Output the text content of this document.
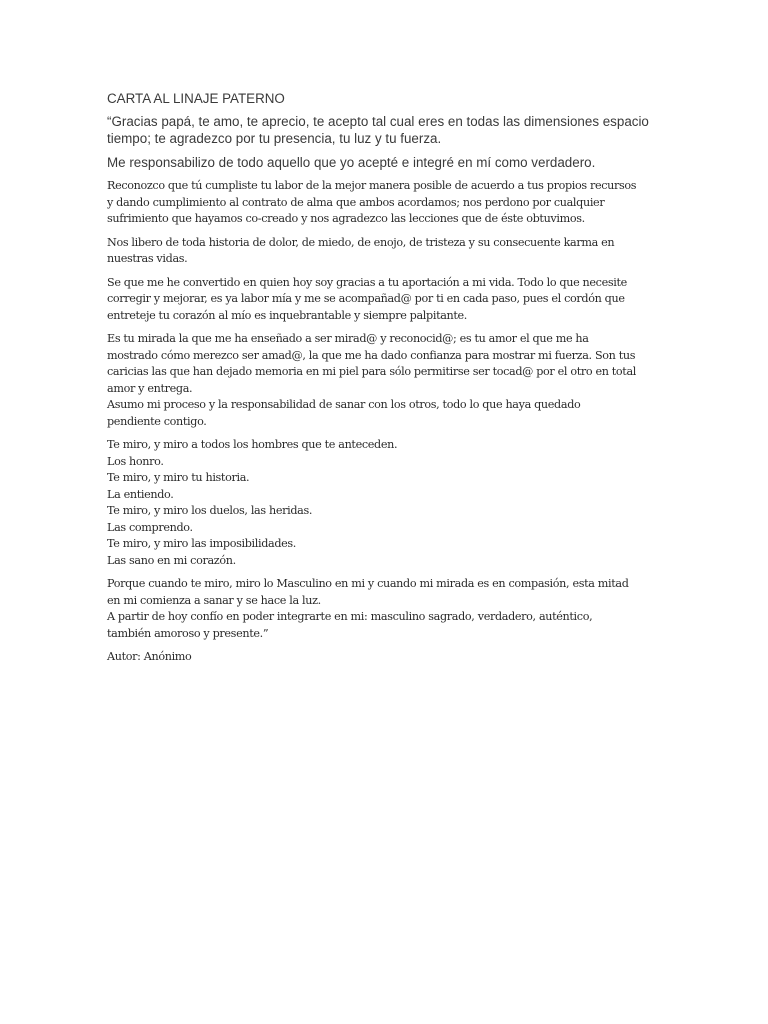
CARTA AL LINAJE PATERNO
“Gracias papá, te amo, te aprecio, te acepto tal cual eres en todas las dimensiones espacio
tiempo; te agradezco por tu presencia, tu luz y tu fuerza.
Me responsabilizo de todo aquello que yo acepté e integré en mí como verdadero.
Reconozco que tú cumpliste tu labor de la mejor manera posible de acuerdo a tus propios recursos
y dando cumplimiento al contrato de alma que ambos acordamos; nos perdono por cualquier
sufrimiento que hayamos co-creado y nos agradezco las lecciones que de éste obtuvimos.
Nos libero de toda historia de dolor, de miedo, de enojo, de tristeza y su consecuente karma en
nuestras vidas.
Se que me he convertido en quien hoy soy gracias a tu aportación a mi vida. Todo lo que necesite
corregir y mejorar, es ya labor mía y me se acompañad@ por ti en cada paso, pues el cordón que
entreteje tu corazón al mío es inquebrantable y siempre palpitante.
Es tu mirada la que me ha enseñado a ser mirad@ y reconocid@; es tu amor el que me ha
mostrado cómo merezco ser amad@, la que me ha dado confianza para mostrar mi fuerza. Son tus
caricias las que han dejado memoria en mi piel para sólo permitirse ser tocad@ por el otro en total
amor y entrega.
Asumo mi proceso y la responsabilidad de sanar con los otros, todo lo que haya quedado
pendiente contigo.
Te miro, y miro a todos los hombres que te anteceden.
Los honro.
Te miro, y miro tu historia.
La entiendo.
Te miro, y miro los duelos, las heridas.
Las comprendo.
Te miro, y miro las imposibilidades.
Las sano en mi corazón.
Porque cuando te miro, miro lo Masculino en mi y cuando mi mirada es en compasión, esta mitad
en mi comienza a sanar y se hace la luz.
A partir de hoy confío en poder integrarte en mi: masculino sagrado, verdadero, auténtico,
también amoroso y presente.”
Autor: Anónimo
